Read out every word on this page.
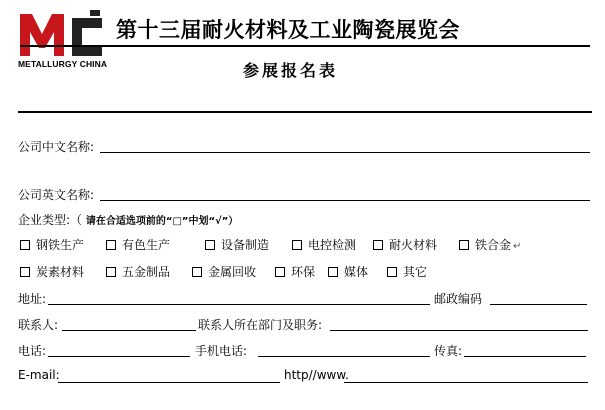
METALLURGY CHINA
第十三届耐火材料及工业陶瓷展览会
参展报名表
公司中文名称:
公司英文名称:
企业类型:（ 请在合适选项前的“□”中划“√”）
钢铁生产	有色生产	设备制造	电控检测	耐火材料	铁合金 ↵
炭素材料	五金制品	金属回收	环保	媒体	其它
地址:	邮政编码
联系人:	联系人所在部门及职务:
电话:	手机电话:	传真:
E-mail:	http//www.
